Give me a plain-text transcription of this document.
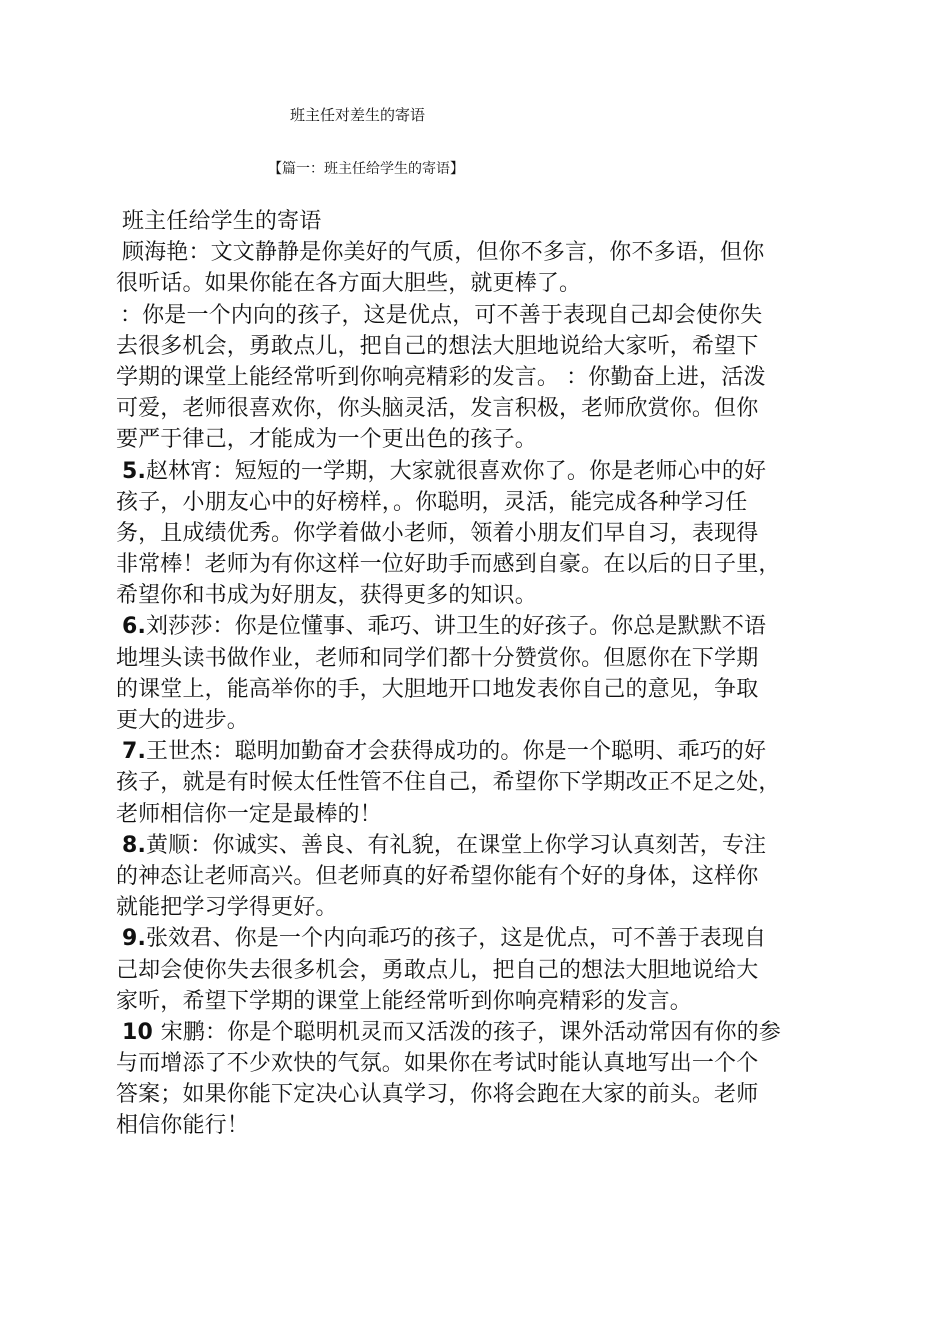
班主任对差生的寄语
【篇一：班主任给学生的寄语】
班主任给学生的寄语
顾海艳：文文静静是你美好的气质，但你不多言，你不多语，但你
很听话。如果你能在各方面大胆些，就更棒了。
：你是一个内向的孩子，这是优点，可不善于表现自己却会使你失
去很多机会，勇敢点儿，把自己的想法大胆地说给大家听，希望下
学期的课堂上能经常听到你响亮精彩的发言。 ：你勤奋上进，活泼
可爱，老师很喜欢你，你头脑灵活，发言积极，老师欣赏你。但你
要严于律己，才能成为一个更出色的孩子。
5.赵林宵：短短的一学期，大家就很喜欢你了。你是老师心中的好
孩子，小朋友心中的好榜样，。你聪明，灵活，能完成各种学习任
务，且成绩优秀。你学着做小老师，领着小朋友们早自习，表现得
非常棒！老师为有你这样一位好助手而感到自豪。在以后的日子里，
希望你和书成为好朋友，获得更多的知识。
6.刘莎莎：你是位懂事、乖巧、讲卫生的好孩子。你总是默默不语
地埋头读书做作业，老师和同学们都十分赞赏你。但愿你在下学期
的课堂上，能高举你的手，大胆地开口地发表你自己的意见，争取
更大的进步。
7.王世杰：聪明加勤奋才会获得成功的。你是一个聪明、乖巧的好
孩子，就是有时候太任性管不住自己，希望你下学期改正不足之处，
老师相信你一定是最棒的！
8.黄顺：你诚实、善良、有礼貌，在课堂上你学习认真刻苦，专注
的神态让老师高兴。但老师真的好希望你能有个好的身体，这样你
就能把学习学得更好。
9.张效君、你是一个内向乖巧的孩子，这是优点，可不善于表现自
己却会使你失去很多机会，勇敢点儿，把自己的想法大胆地说给大
家听，希望下学期的课堂上能经常听到你响亮精彩的发言。
10 宋鹏：你是个聪明机灵而又活泼的孩子，课外活动常因有你的参
与而增添了不少欢快的气氛。如果你在考试时能认真地写出一个个
答案；如果你能下定决心认真学习，你将会跑在大家的前头。老师
相信你能行！
